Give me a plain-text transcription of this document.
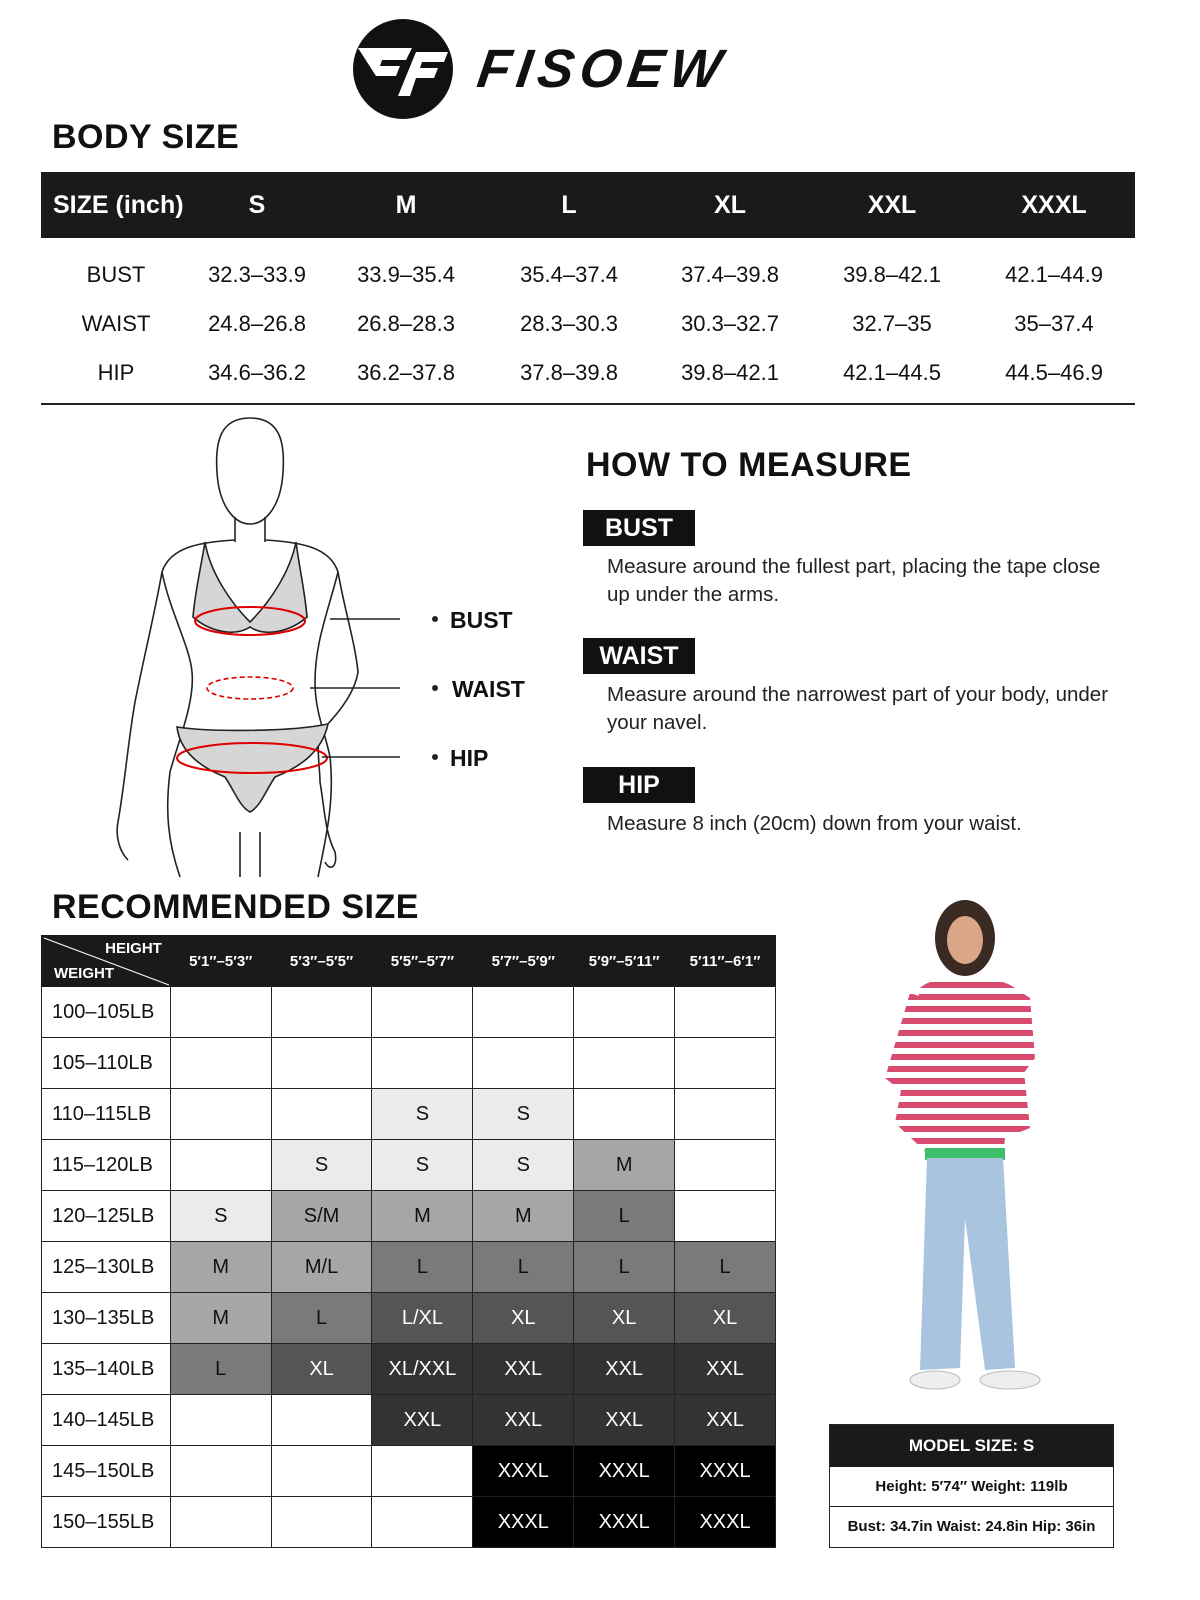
FISOEW
BODY SIZE
SIZE (inch)	S	M	L	XL	XXL	XXXL
BUST	32.3–33.9	33.9–35.4	35.4–37.4	37.4–39.8	39.8–42.1	42.1–44.9
WAIST	24.8–26.8	26.8–28.3	28.3–30.3	30.3–32.7	32.7–35	35–37.4
HIP	34.6–36.2	36.2–37.8	37.8–39.8	39.8–42.1	42.1–44.5	44.5–46.9
BUST
WAIST
HIP
HOW TO MEASURE
BUST
Measure around the fullest part, placing the tape close up under the arms.
WAIST
Measure around the narrowest part of your body, under your navel.
HIP
Measure 8 inch (20cm) down from your waist.
RECOMMENDED SIZE
HEIGHT
WEIGHT	5′1″–5′3″	5′3″–5′5″	5′5″–5′7″	5′7″–5′9″	5′9″–5′11″	5′11″–6′1″
100–105LB						
105–110LB						
110–115LB			S	S		
115–120LB		S	S	S	M	
120–125LB	S	S/M	M	M	L	
125–130LB	M	M/L	L	L	L	L
130–135LB	M	L	L/XL	XL	XL	XL
135–140LB	L	XL	XL/XXL	XXL	XXL	XXL
140–145LB			XXL	XXL	XXL	XXL
145–150LB				XXXL	XXXL	XXXL
150–155LB				XXXL	XXXL	XXXL
MODEL SIZE: S
Height: 5′74″ Weight: 119lb
Bust: 34.7in Waist: 24.8in Hip: 36in
